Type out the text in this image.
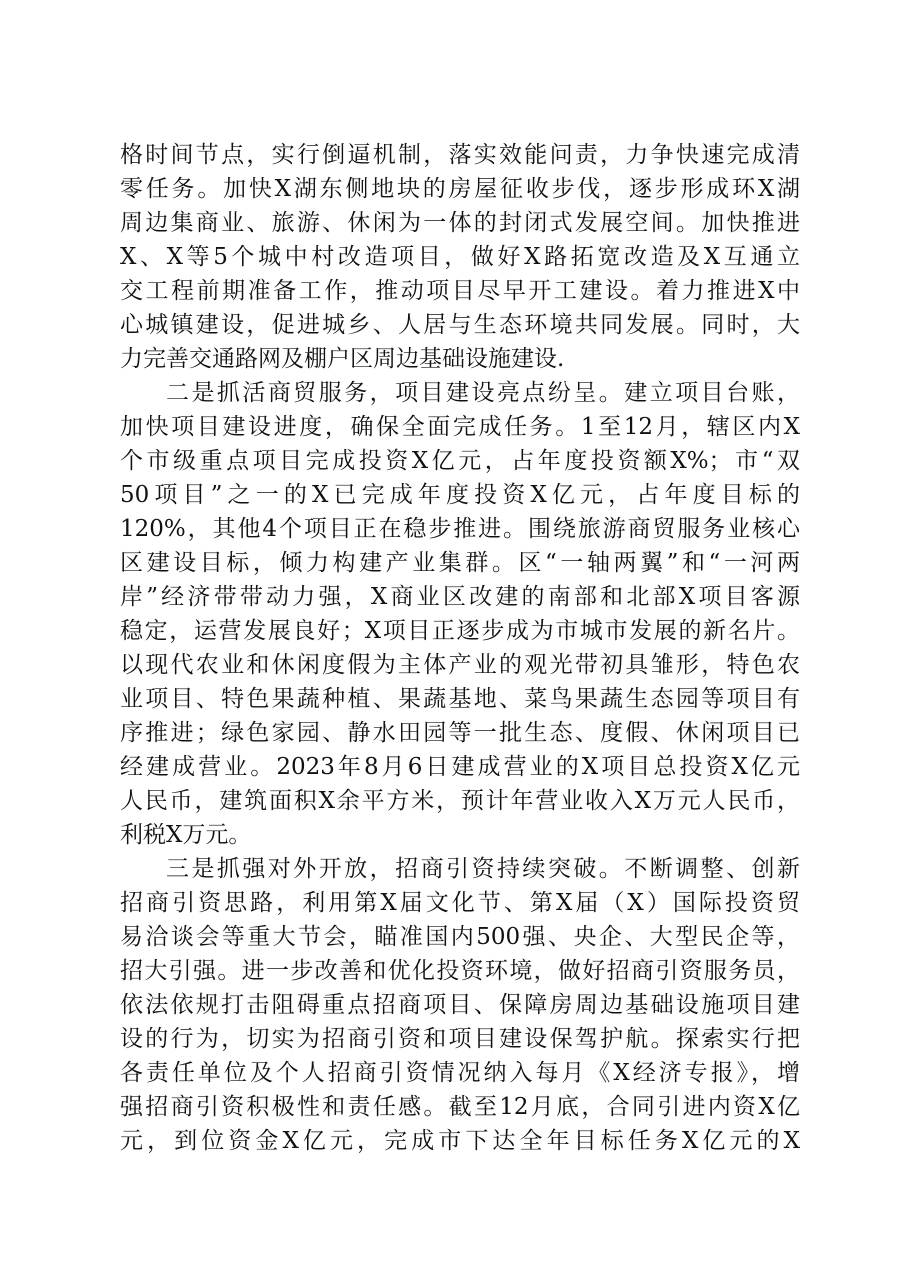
格时间节点，实行倒逼机制，落实效能问责，力争快速完成清
零任务。加快X湖东侧地块的房屋征收步伐，逐步形成环X湖
周边集商业、旅游、休闲为一体的封闭式发展空间。加快推进
X、X等5个城中村改造项目，做好X路拓宽改造及X互通立
交工程前期准备工作，推动项目尽早开工建设。着力推进X中
心城镇建设，促进城乡、人居与生态环境共同发展。同时，大
力完善交通路网及棚户区周边基础设施建设.
二是抓活商贸服务，项目建设亮点纷呈。建立项目台账，
加快项目建设进度，确保全面完成任务。1至12月，辖区内X
个市级重点项目完成投资X亿元，占年度投资额X%；市“双
50项目”之一的X已完成年度投资X亿元，占年度目标的
120%，其他4个项目正在稳步推进。围绕旅游商贸服务业核心
区建设目标，倾力构建产业集群。区“一轴两翼”和“一河两
岸”经济带带动力强，X商业区改建的南部和北部X项目客源
稳定，运营发展良好；X项目正逐步成为市城市发展的新名片。
以现代农业和休闲度假为主体产业的观光带初具雏形，特色农
业项目、特色果蔬种植、果蔬基地、菜鸟果蔬生态园等项目有
序推进；绿色家园、静水田园等一批生态、度假、休闲项目已
经建成营业。2023年8月6日建成营业的X项目总投资X亿元
人民币，建筑面积X余平方米，预计年营业收入X万元人民币，
利税X万元。
三是抓强对外开放，招商引资持续突破。不断调整、创新
招商引资思路，利用第X届文化节、第X届（X）国际投资贸
易洽谈会等重大节会，瞄准国内500强、央企、大型民企等，
招大引强。进一步改善和优化投资环境，做好招商引资服务员，
依法依规打击阻碍重点招商项目、保障房周边基础设施项目建
设的行为，切实为招商引资和项目建设保驾护航。探索实行把
各责任单位及个人招商引资情况纳入每月《X经济专报》，增
强招商引资积极性和责任感。截至12月底，合同引进内资X亿
元，到位资金X亿元，完成市下达全年目标任务X亿元的X
